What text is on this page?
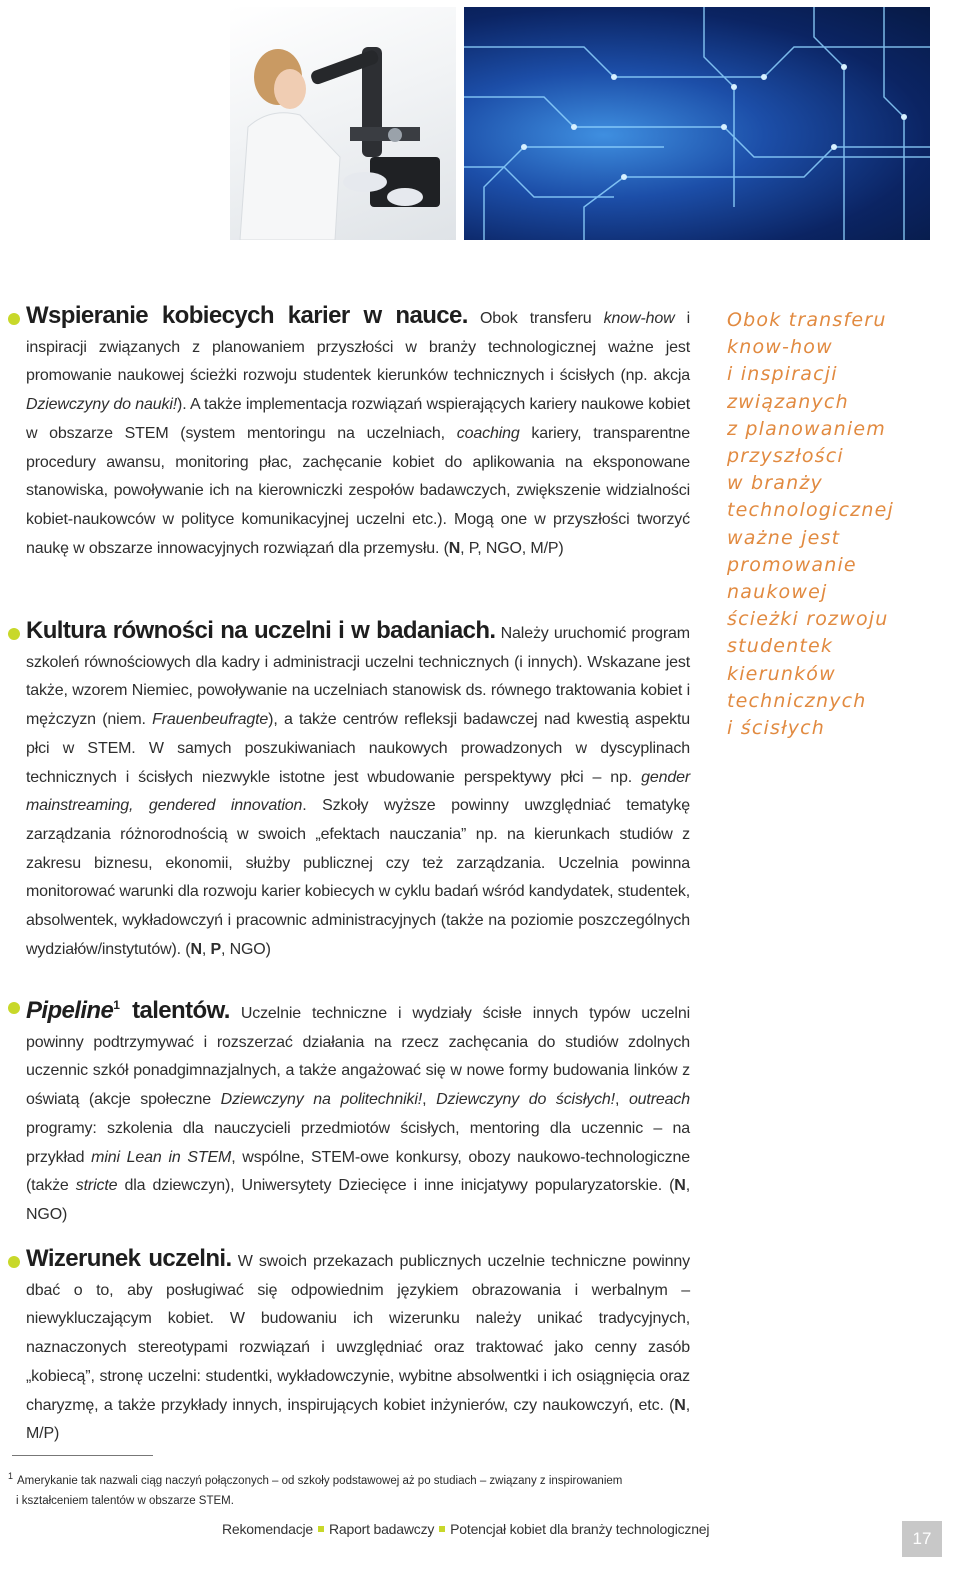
Wspieranie kobiecych karier w nauce. Obok transferu know-how i inspiracji związanych z planowaniem przyszłości w branży technologicznej ważne jest promowanie naukowej ścieżki rozwoju studentek kierunków technicznych i ścisłych (np. akcja Dziewczyny do nauki!). A także implementacja rozwiązań wspierających kariery naukowe kobiet w obszarze STEM (system mentoringu na uczelniach, coaching kariery, transparentne procedury awansu, monitoring płac, zachęcanie kobiet do aplikowania na eksponowane stanowiska, powoływanie ich na kierowniczki zespołów badawczych, zwiększenie widzialności kobiet-naukowców w polityce komunikacyjnej uczelni etc.). Mogą one w przyszłości tworzyć naukę w obszarze innowacyjnych rozwiązań dla przemysłu. (N, P, NGO, M/P)

Kultura równości na uczelni i w badaniach. Należy uruchomić program szkoleń równościowych dla kadry i administracji uczelni technicznych (i innych). Wskazane jest także, wzorem Niemiec, powoływanie na uczelniach stanowisk ds. równego traktowania kobiet i mężczyzn (niem. Frauenbeufragte), a także centrów refleksji badawczej nad kwestią aspektu płci w STEM. W samych poszukiwaniach naukowych prowadzonych w dyscyplinach technicznych i ścisłych niezwykle istotne jest wbudowanie perspektywy płci – np. gender mainstreaming, gendered innovation. Szkoły wyższe powinny uwzględniać tematykę zarządzania różnorodnością w swoich „efektach nauczania” np. na kierunkach studiów z zakresu biznesu, ekonomii, służby publicznej czy też zarządzania. Uczelnia powinna monitorować warunki dla rozwoju karier kobiecych w cyklu badań wśród kandydatek, studentek, absolwentek, wykładowczyń i pracownic administracyjnych (także na poziomie poszczególnych wydziałów/instytutów). (N, P, NGO)

Pipeline$^1$ talentów. Uczelnie techniczne i wydziały ścisłe innych typów uczelni powinny podtrzymywać i rozszerzać działania na rzecz zachęcania do studiów zdolnych uczennic szkół ponadgimnazjalnych, a także angażować się w nowe formy budowania linków z oświatą (akcje społeczne Dziewczyny na politechniki!, Dziewczyny do ścisłych!, outreach programy: szkolenia dla nauczycieli przedmiotów ścisłych, mentoring dla uczennic – na przykład mini Lean in STEM, wspólne, STEM-owe konkursy, obozy naukowo-technologiczne (także stricte dla dziewczyn), Uniwersytety Dziecięce i inne inicjatywy popularyzatorskie. (N, NGO)

Wizerunek uczelni. W swoich przekazach publicznych uczelnie techniczne powinny dbać o to, aby posługiwać się odpowiednim językiem obrazowania i werbalnym – niewykluczającym kobiet. W budowaniu ich wizerunku należy unikać tradycyjnych, naznaczonych stereotypami rozwiązań i uwzględniać oraz traktować jako cenny zasób „kobiecą”, stronę uczelni: studentki, wykładowczynie, wybitne absolwentki i ich osiągnięcia oraz charyzmę, a także przykłady innych, inspirujących kobiet inżynierów, czy naukowczyń, etc. (N, M/P)

Obok transferu
know-how
i inspiracji
związanych
z planowaniem
przyszłości
w branży
technologicznej
ważne jest
promowanie
naukowej
ścieżki rozwoju
studentek
kierunków
technicznych
i ścisłych
$^1$ Amerykanie tak nazwali ciąg naczyń połączonych – od szkoły podstawowej aż po studiach – związany z inspirowaniem
i kształceniem talentów w obszarze STEM.
Rekomendacje Raport badawczy Potencjał kobiet dla branży technologicznej	17
